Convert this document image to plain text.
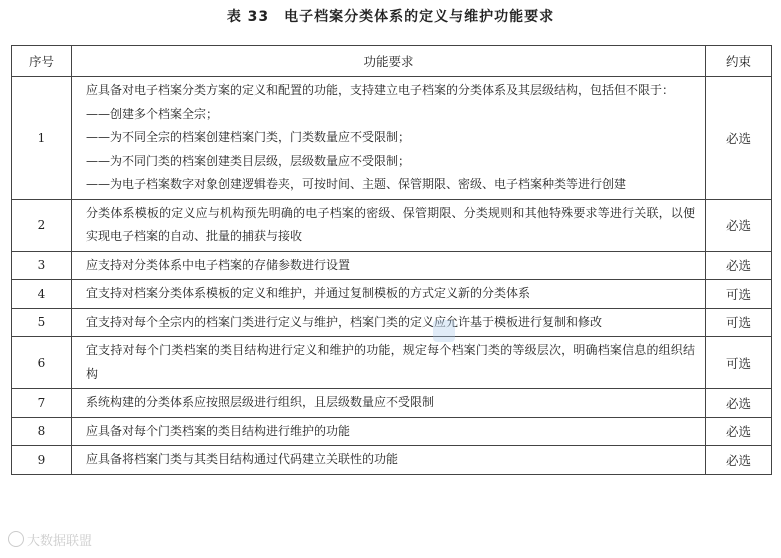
表 33　电子档案分类体系的定义与维护功能要求
序号	功能要求	约束
1	应具备对电子档案分类方案的定义和配置的功能，支持建立电子档案的分类体系及其层级结构，包括但不限于：
——创建多个档案全宗；
——为不同全宗的档案创建档案门类，门类数量应不受限制；
——为不同门类的档案创建类目层级，层级数量应不受限制；
——为电子档案数字对象创建逻辑卷夹，可按时间、主题、保管期限、密级、电子档案种类等进行创建	必选
2	分类体系模板的定义应与机构预先明确的电子档案的密级、保管期限、分类规则和其他特殊要求等进行关联，以便实现电子档案的自动、批量的捕获与接收	必选
3	应支持对分类体系中电子档案的存储参数进行设置	必选
4	宜支持对档案分类体系模板的定义和维护，并通过复制模板的方式定义新的分类体系	可选
5	宜支持对每个全宗内的档案门类进行定义与维护，档案门类的定义应允许基于模板进行复制和修改	可选
6	宜支持对每个门类档案的类目结构进行定义和维护的功能，规定每个档案门类的等级层次，明确档案信息的组织结构	可选
7	系统构建的分类体系应按照层级进行组织，且层级数量应不受限制	必选
8	应具备对每个门类档案的类目结构进行维护的功能	必选
9	应具备将档案门类与其类目结构通过代码建立关联性的功能	必选
大数据联盟
